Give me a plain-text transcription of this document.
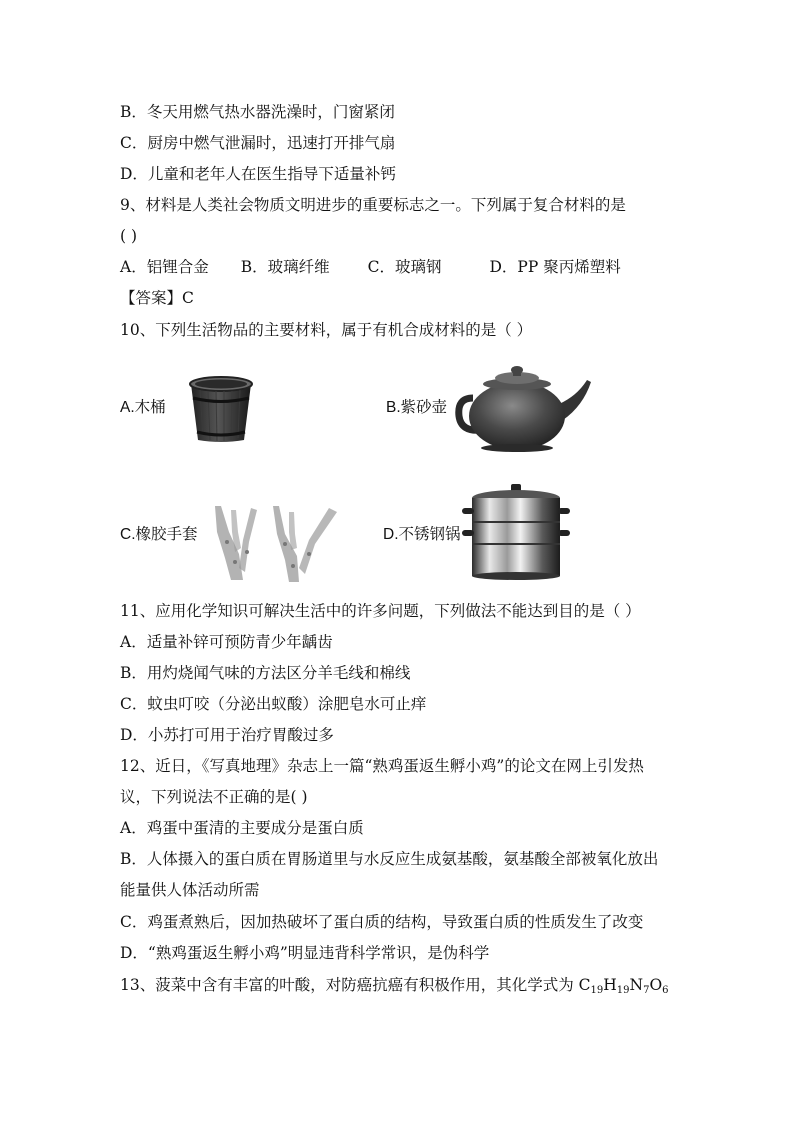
B．冬天用燃气热水器洗澡时，门窗紧闭
C．厨房中燃气泄漏时，迅速打开排气扇
D．儿童和老年人在医生指导下适量补钙
9、材料是人类社会物质文明进步的重要标志之一。下列属于复合材料的是
( )
A．铝锂合金 B．玻璃纤维 C．玻璃钢	D．PP 聚丙烯塑料
【答案】C
10、下列生活物品的主要材料，属于有机合成材料的是（ ）
A.木桶	B.紫砂壶
C.橡胶手套	D.不锈钢锅
11、应用化学知识可解决生活中的许多问题，下列做法不能达到目的是（ ）
A．适量补锌可预防青少年龋齿
B．用灼烧闻气味的方法区分羊毛线和棉线
C．蚊虫叮咬（分泌出蚁酸）涂肥皂水可止痒
D．小苏打可用于治疗胃酸过多
12、近日，《写真地理》杂志上一篇“熟鸡蛋返生孵小鸡”的论文在网上引发热
议，下列说法不正确的是( )
A．鸡蛋中蛋清的主要成分是蛋白质
B．人体摄入的蛋白质在胃肠道里与水反应生成氨基酸，氨基酸全部被氧化放出
能量供人体活动所需
C．鸡蛋煮熟后，因加热破坏了蛋白质的结构，导致蛋白质的性质发生了改变
D．“熟鸡蛋返生孵小鸡”明显违背科学常识，是伪科学
13、菠菜中含有丰富的叶酸，对防癌抗癌有积极作用，其化学式为 $C_{19}H_{19}N_7O_6$
